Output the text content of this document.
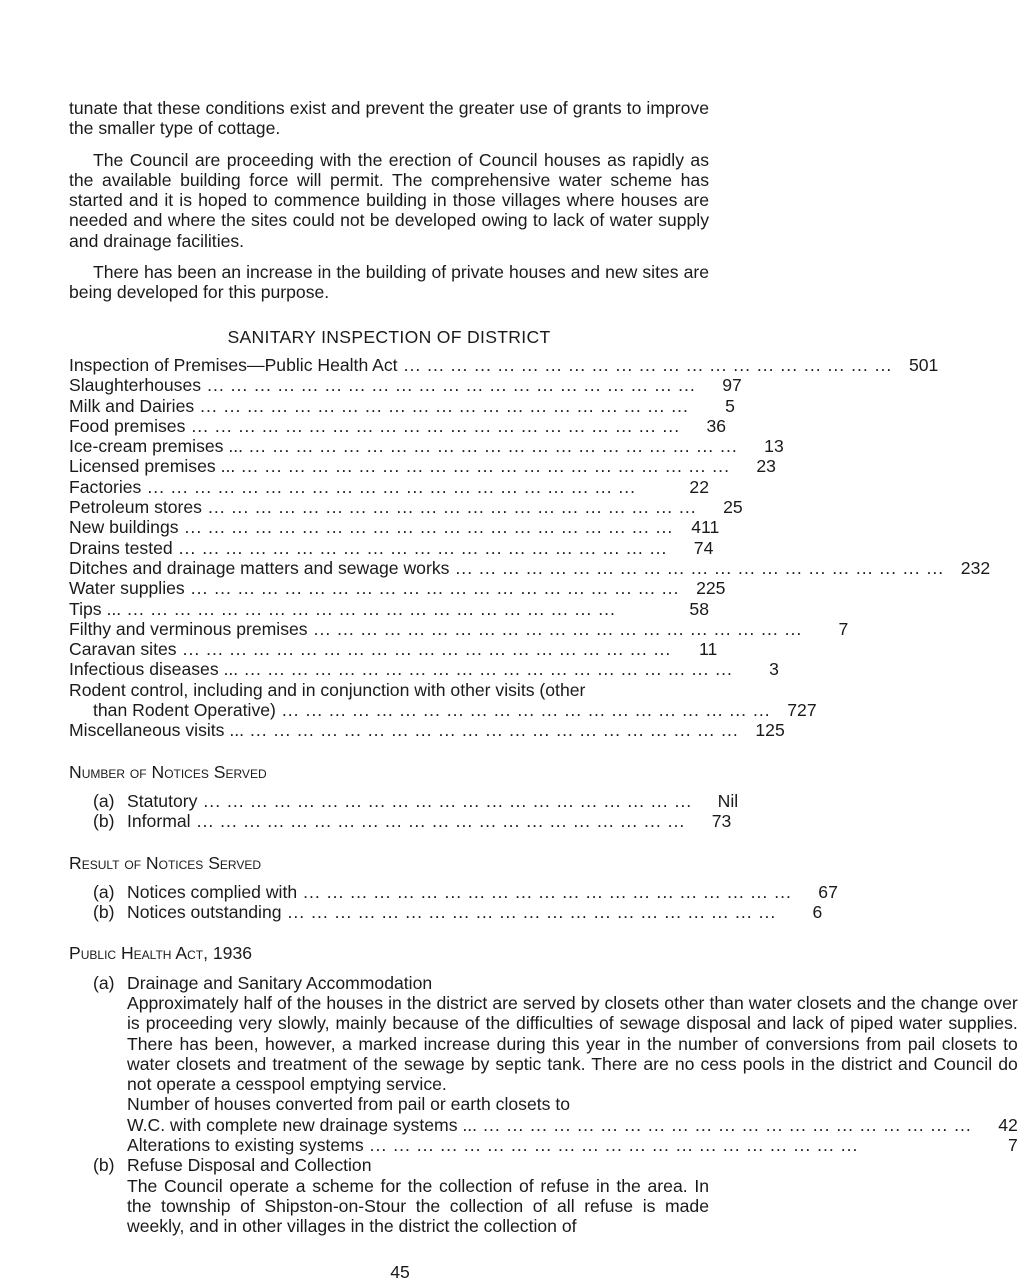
tunate that these conditions exist and prevent the greater use of grants to improve the smaller type of cottage.

The Council are proceeding with the erection of Council houses as rapidly as the available building force will permit. The comprehensive water scheme has started and it is hoped to commence building in those villages where houses are needed and where the sites could not be developed owing to lack of water supply and drainage facilities.

There has been an increase in the building of private houses and new sites are being developed for this purpose.

SANITARY INSPECTION OF DISTRICT

Inspection of Premises—Public Health Act ... .	501
Slaughterhouses ... .	97
Milk and Dairies ... .	5
Food premises ... .	36
Ice-cream premises ... ... .	13
Licensed premises ... ... .	23
Factories ... .	22
Petroleum stores ... .	25
New buildings ... .	411
Drains tested ... .	74
Ditches and drainage matters and sewage works ... .	232
Water supplies ... .	225
Tips ... ... .	58
Filthy and verminous premises ... .	7
Caravan sites ... .	11
Infectious diseases ... ... .	3
Rodent control, including and in conjunction with other visits (other
than Rodent Operative) ... .	727
Miscellaneous visits ... ... .	125
Number of Notices Served
(a) Statutory ... .	Nil
(b) Informal ... .	73
Result of Notices Served
(a) Notices complied with ... .	67
(b) Notices outstanding ... .	6
Public Health Act, 1936
(a) Drainage and Sanitary Accommodation

Approximately half of the houses in the district are served by closets other than water closets and the change over is proceeding very slowly, mainly because of the difficulties of sewage disposal and lack of piped water supplies. There has been, however, a marked increase during this year in the number of conversions from pail closets to water closets and treatment of the sewage by septic tank. There are no cess pools in the district and Council do not operate a cesspool emptying service.

Number of houses converted from pail or earth closets to
W.C. with complete new drainage systems ... ... .	42
Alterations to existing systems ... .	7
(b) Refuse Disposal and Collection

The Council operate a scheme for the collection of refuse in the area. In the township of Shipston-on-Stour the collection of all refuse is made weekly, and in other villages in the district the collection of

45
